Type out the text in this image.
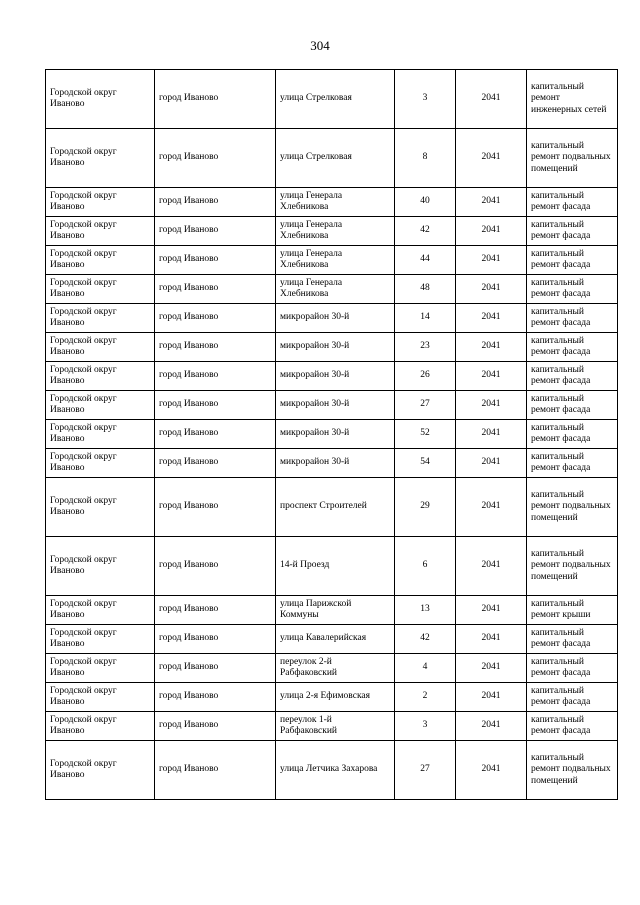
304
Городской округ Иваново	город Иваново	улица Стрелковая	3	2041	капитальный ремонт инженерных сетей
Городской округ Иваново	город Иваново	улица Стрелковая	8	2041	капитальный ремонт подвальных помещений
Городской округ Иваново	город Иваново	улица Генерала Хлебникова	40	2041	капитальный ремонт фасада
Городской округ Иваново	город Иваново	улица Генерала Хлебникова	42	2041	капитальный ремонт фасада
Городской округ Иваново	город Иваново	улица Генерала Хлебникова	44	2041	капитальный ремонт фасада
Городской округ Иваново	город Иваново	улица Генерала Хлебникова	48	2041	капитальный ремонт фасада
Городской округ Иваново	город Иваново	микрорайон 30-й	14	2041	капитальный ремонт фасада
Городской округ Иваново	город Иваново	микрорайон 30-й	23	2041	капитальный ремонт фасада
Городской округ Иваново	город Иваново	микрорайон 30-й	26	2041	капитальный ремонт фасада
Городской округ Иваново	город Иваново	микрорайон 30-й	27	2041	капитальный ремонт фасада
Городской округ Иваново	город Иваново	микрорайон 30-й	52	2041	капитальный ремонт фасада
Городской округ Иваново	город Иваново	микрорайон 30-й	54	2041	капитальный ремонт фасада
Городской округ Иваново	город Иваново	проспект Строителей	29	2041	капитальный ремонт подвальных помещений
Городской округ Иваново	город Иваново	14-й Проезд	6	2041	капитальный ремонт подвальных помещений
Городской округ Иваново	город Иваново	улица Парижской Коммуны	13	2041	капитальный ремонт крыши
Городской округ Иваново	город Иваново	улица Кавалерийская	42	2041	капитальный ремонт фасада
Городской округ Иваново	город Иваново	переулок 2-й Рабфаковский	4	2041	капитальный ремонт фасада
Городской округ Иваново	город Иваново	улица 2-я Ефимовская	2	2041	капитальный ремонт фасада
Городской округ Иваново	город Иваново	переулок 1-й Рабфаковский	3	2041	капитальный ремонт фасада
Городской округ Иваново	город Иваново	улица Летчика Захарова	27	2041	капитальный ремонт подвальных помещений
